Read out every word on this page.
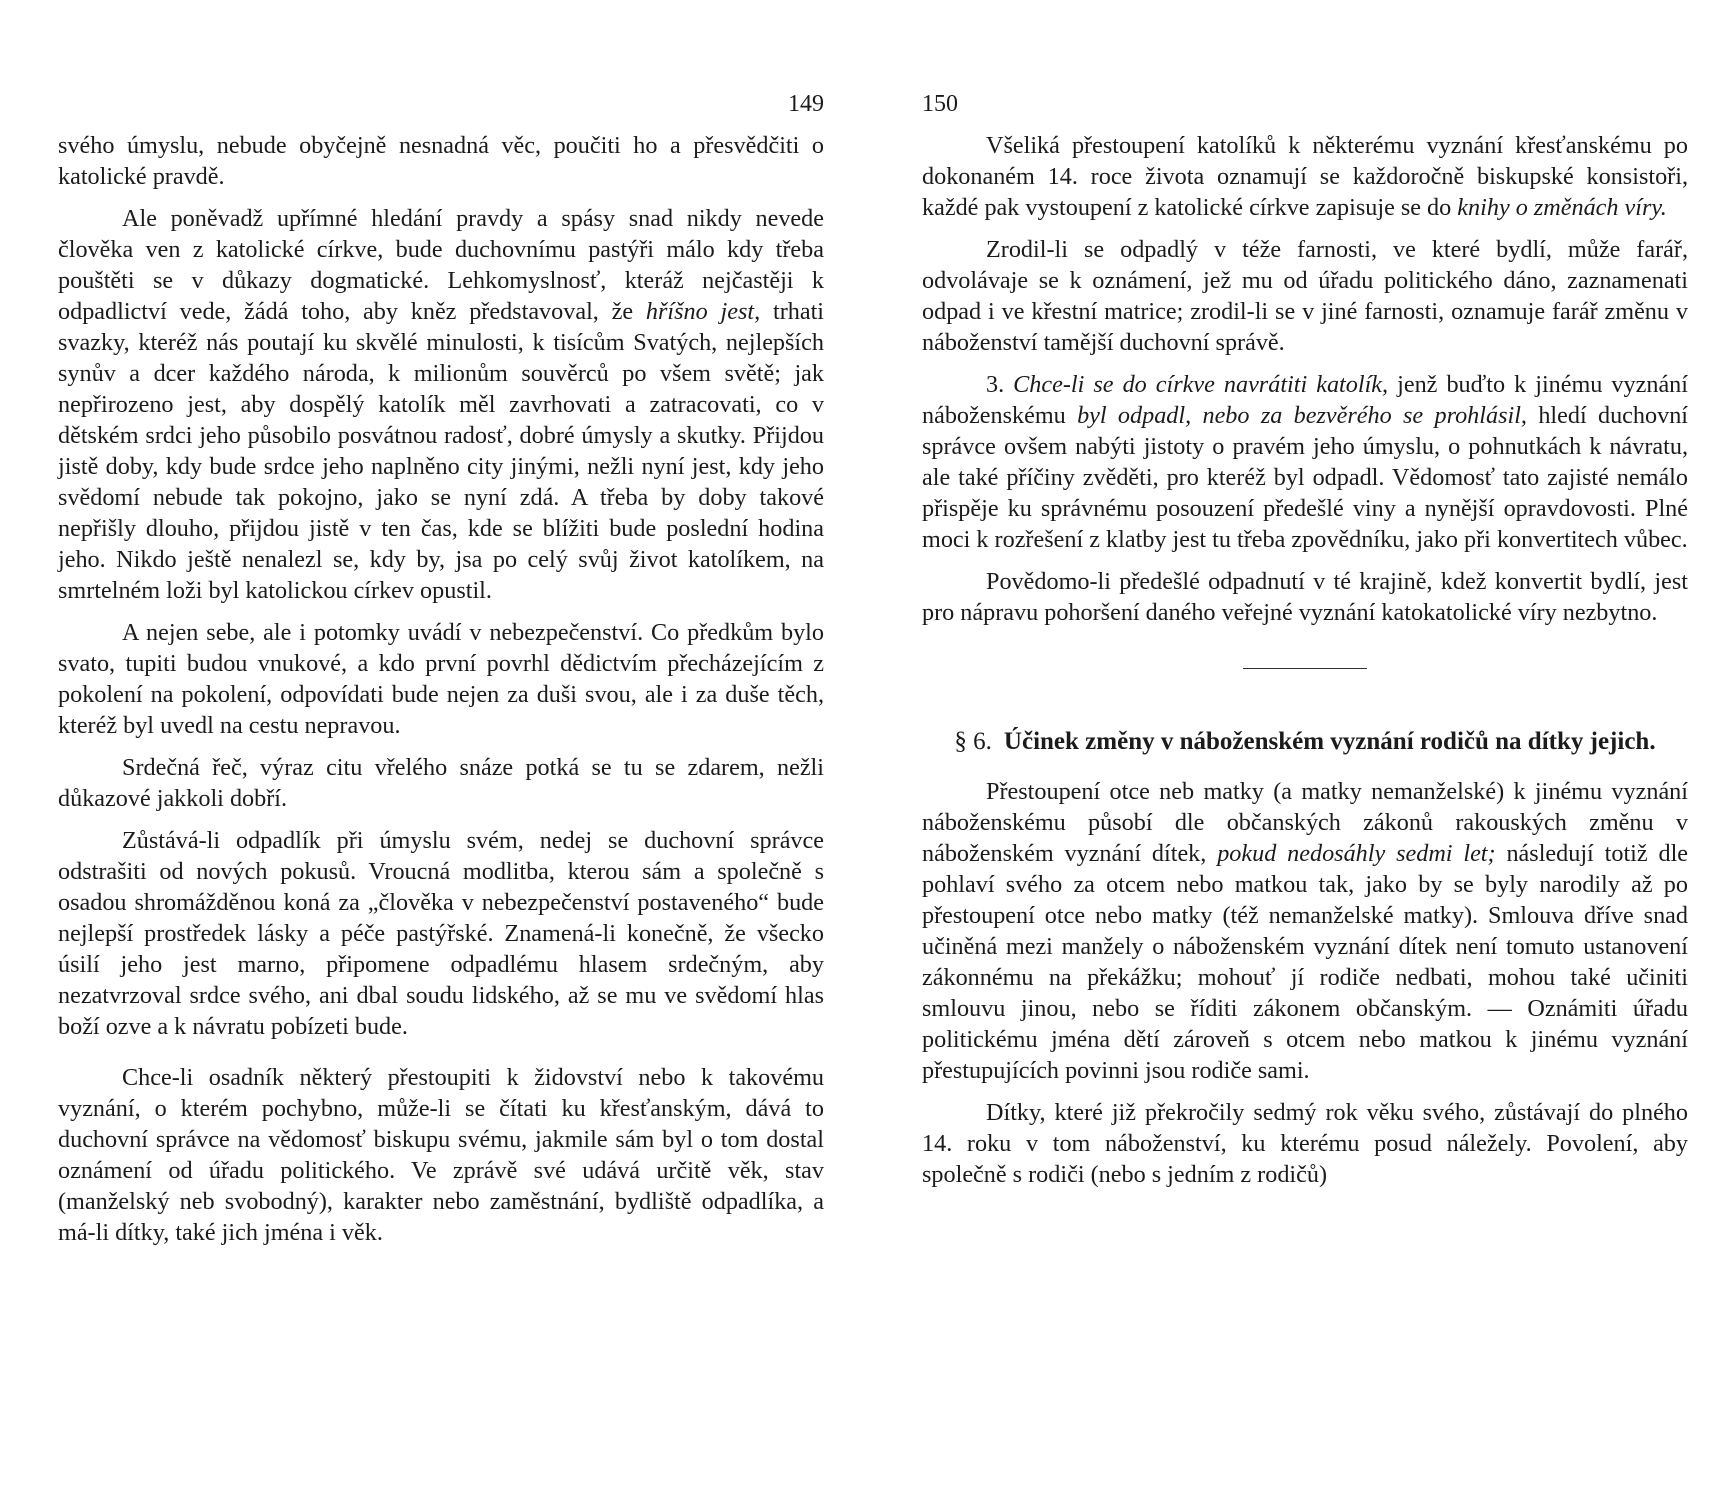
149

svého úmyslu, nebude obyčejně nesnadná věc, poučiti ho a přesvědčiti o katolické pravdě.

Ale poněvadž upřímné hledání pravdy a spásy snad nikdy nevede člověka ven z katolické církve, bude duchovnímu pastýři málo kdy třeba pouštěti se v důkazy dogmatické. Lehkomyslnosť, kteráž nejčastěji k odpadlictví vede, žádá toho, aby kněz představoval, že hříšno jest, trhati svazky, kteréž nás poutají ku skvělé minulosti, k tisícům Svatých, nejlepších synův a dcer každého národa, k milionům souvěrců po všem světě; jak nepřirozeno jest, aby dospělý katolík měl zavrhovati a zatracovati, co v dětském srdci jeho působilo posvátnou radosť, dobré úmysly a skutky. Přijdou jistě doby, kdy bude srdce jeho naplněno city jinými, nežli nyní jest, kdy jeho svědomí nebude tak pokojno, jako se nyní zdá. A třeba by doby takové nepřišly dlouho, přijdou jistě v ten čas, kde se blížiti bude poslední hodina jeho. Nikdo ještě nenalezl se, kdy by, jsa po celý svůj život katolíkem, na smrtelném loži byl katolickou církev opustil.

A nejen sebe, ale i potomky uvádí v nebezpečenství. Co předkům bylo svato, tupiti budou vnukové, a kdo první povrhl dědictvím přecházejícím z pokolení na pokolení, odpovídati bude nejen za duši svou, ale i za duše těch, kteréž byl uvedl na cestu nepravou.

Srdečná řeč, výraz citu vřelého snáze potká se tu se zdarem, nežli důkazové jakkoli dobří.

Zůstává-li odpadlík při úmyslu svém, nedej se duchovní správce odstrašiti od nových pokusů. Vroucná modlitba, kterou sám a společně s osadou shromážděnou koná za „člověka v nebezpečenství postaveného“ bude nejlepší prostředek lásky a péče pastýřské. Znamená-li konečně, že všecko úsilí jeho jest marno, připomene odpadlému hlasem srdečným, aby nezatvrzoval srdce svého, ani dbal soudu lidského, až se mu ve svědomí hlas boží ozve a k návratu pobízeti bude.

Chce-li osadník některý přestoupiti k židovství nebo k takovému vyznání, o kterém pochybno, může-li se čítati ku křesťanským, dává to duchovní správce na vědomosť biskupu svému, jakmile sám byl o tom dostal oznámení od úřadu politického. Ve zprávě své udává určitě věk, stav (manželský neb svobodný), karakter nebo zaměstnání, bydliště odpadlíka, a má-li dítky, také jich jména i věk.

150

Všeliká přestoupení katolíků k některému vyznání křesťanskému po dokonaném 14. roce života oznamují se každoročně biskupské konsistoři, každé pak vystoupení z katolické církve zapisuje se do knihy o změnách víry.

Zrodil-li se odpadlý v téže farnosti, ve které bydlí, může farář, odvolávaje se k oznámení, jež mu od úřadu politického dáno, zaznamenati odpad i ve křestní matrice; zrodil-li se v jiné farnosti, oznamuje farář změnu v náboženství tamější duchovní správě.

3. Chce-li se do církve navrátiti katolík, jenž buďto k jinému vyznání náboženskému byl odpadl, nebo za bezvěrého se prohlásil, hledí duchovní správce ovšem nabýti jistoty o pravém jeho úmyslu, o pohnutkách k návratu, ale také příčiny zvěděti, pro kteréž byl odpadl. Vědomosť tato zajisté nemálo přispěje ku správnému posouzení předešlé viny a nynější opravdovosti. Plné moci k rozřešení z klatby jest tu třeba zpovědníku, jako při konvertitech vůbec.

Povědomo-li předešlé odpadnutí v té krajině, kdež konvertit bydlí, jest pro nápravu pohoršení daného veřejné vyznání katokatolické víry nezbytno.

§ 6. Účinek změny v náboženském vyznání rodičů na dítky jejich.

Přestoupení otce neb matky (a matky nemanželské) k jinému vyznání náboženskému působí dle občanských zákonů rakouských změnu v náboženském vyznání dítek, pokud nedosáhly sedmi let; následují totiž dle pohlaví svého za otcem nebo matkou tak, jako by se byly narodily až po přestoupení otce nebo matky (též nemanželské matky). Smlouva dříve snad učiněná mezi manžely o náboženském vyznání dítek není tomuto ustanovení zákonnému na překážku; mohouť jí rodiče nedbati, mohou také učiniti smlouvu jinou, nebo se říditi zákonem občanským. — Oznámiti úřadu politickému jména dětí zároveň s otcem nebo matkou k jinému vyznání přestupujících povinni jsou rodiče sami.

Dítky, které již překročily sedmý rok věku svého, zůstávají do plného 14. roku v tom náboženství, ku kterému posud náležely. Povolení, aby společně s rodiči (nebo s jedním z rodičů)
